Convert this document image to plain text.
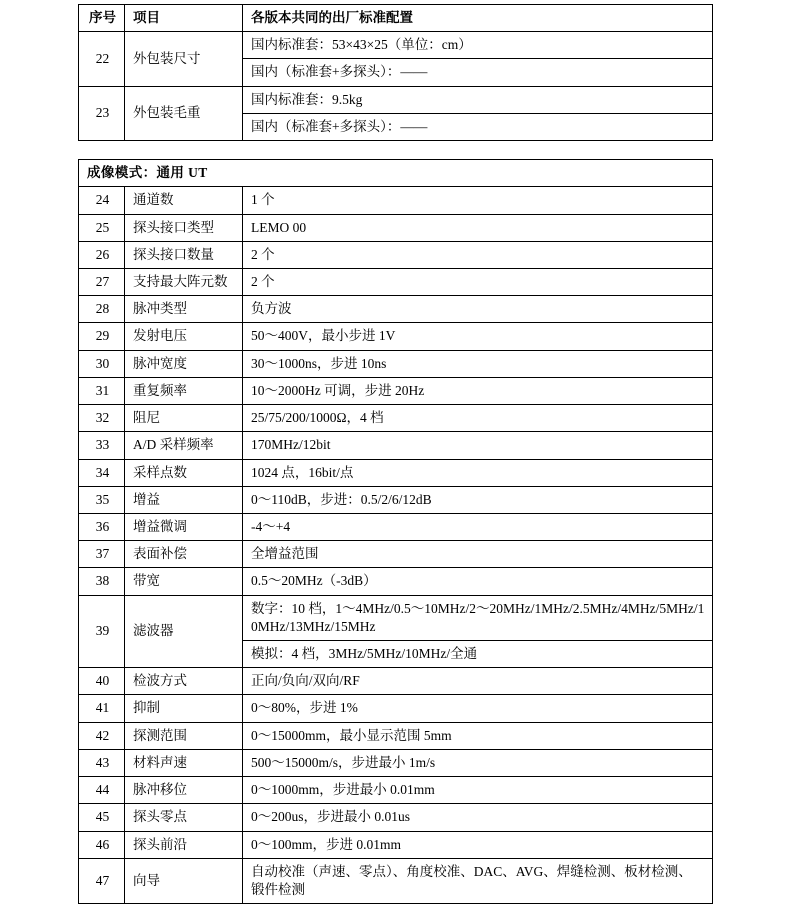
序号	项目	各版本共同的出厂标准配置
22	外包装尺寸	国内标准套：53×43×25（单位：cm）
		国内（标准套+多探头）：——
23	外包装毛重	国内标准套：9.5kg
		国内（标准套+多探头）：——

成像模式：通用 UT		
24	通道数	1 个
25	探头接口类型	LEMO 00
26	探头接口数量	2 个
27	支持最大阵元数	2 个
28	脉冲类型	负方波
29	发射电压	50～400V，最小步进 1V
30	脉冲宽度	30～1000ns，步进 10ns
31	重复频率	10～2000Hz 可调，步进 20Hz
32	阻尼	25/75/200/1000Ω，4 档
33	A/D 采样频率	170MHz/12bit
34	采样点数	1024 点，16bit/点
35	增益	0～110dB，步进：0.5/2/6/12dB
36	增益微调	-4～+4
37	表面补偿	全增益范围
38	带宽	0.5～20MHz（-3dB）
39	滤波器	数字：10 档，1～4MHz/0.5～10MHz/2～20MHz/1MHz/2.5MHz/4MHz/5MHz/10MHz/13MHz/15MHz
		模拟：4 档，3MHz/5MHz/10MHz/全通
40	检波方式	正向/负向/双向/RF
41	抑制	0～80%，步进 1%
42	探测范围	0～15000mm，最小显示范围 5mm
43	材料声速	500～15000m/s，步进最小 1m/s
44	脉冲移位	0～1000mm，步进最小 0.01mm
45	探头零点	0～200us，步进最小 0.01us
46	探头前沿	0～100mm，步进 0.01mm
47	向导	自动校准（声速、零点）、角度校准、DAC、AVG、焊缝检测、板材检测、
锻件检测
